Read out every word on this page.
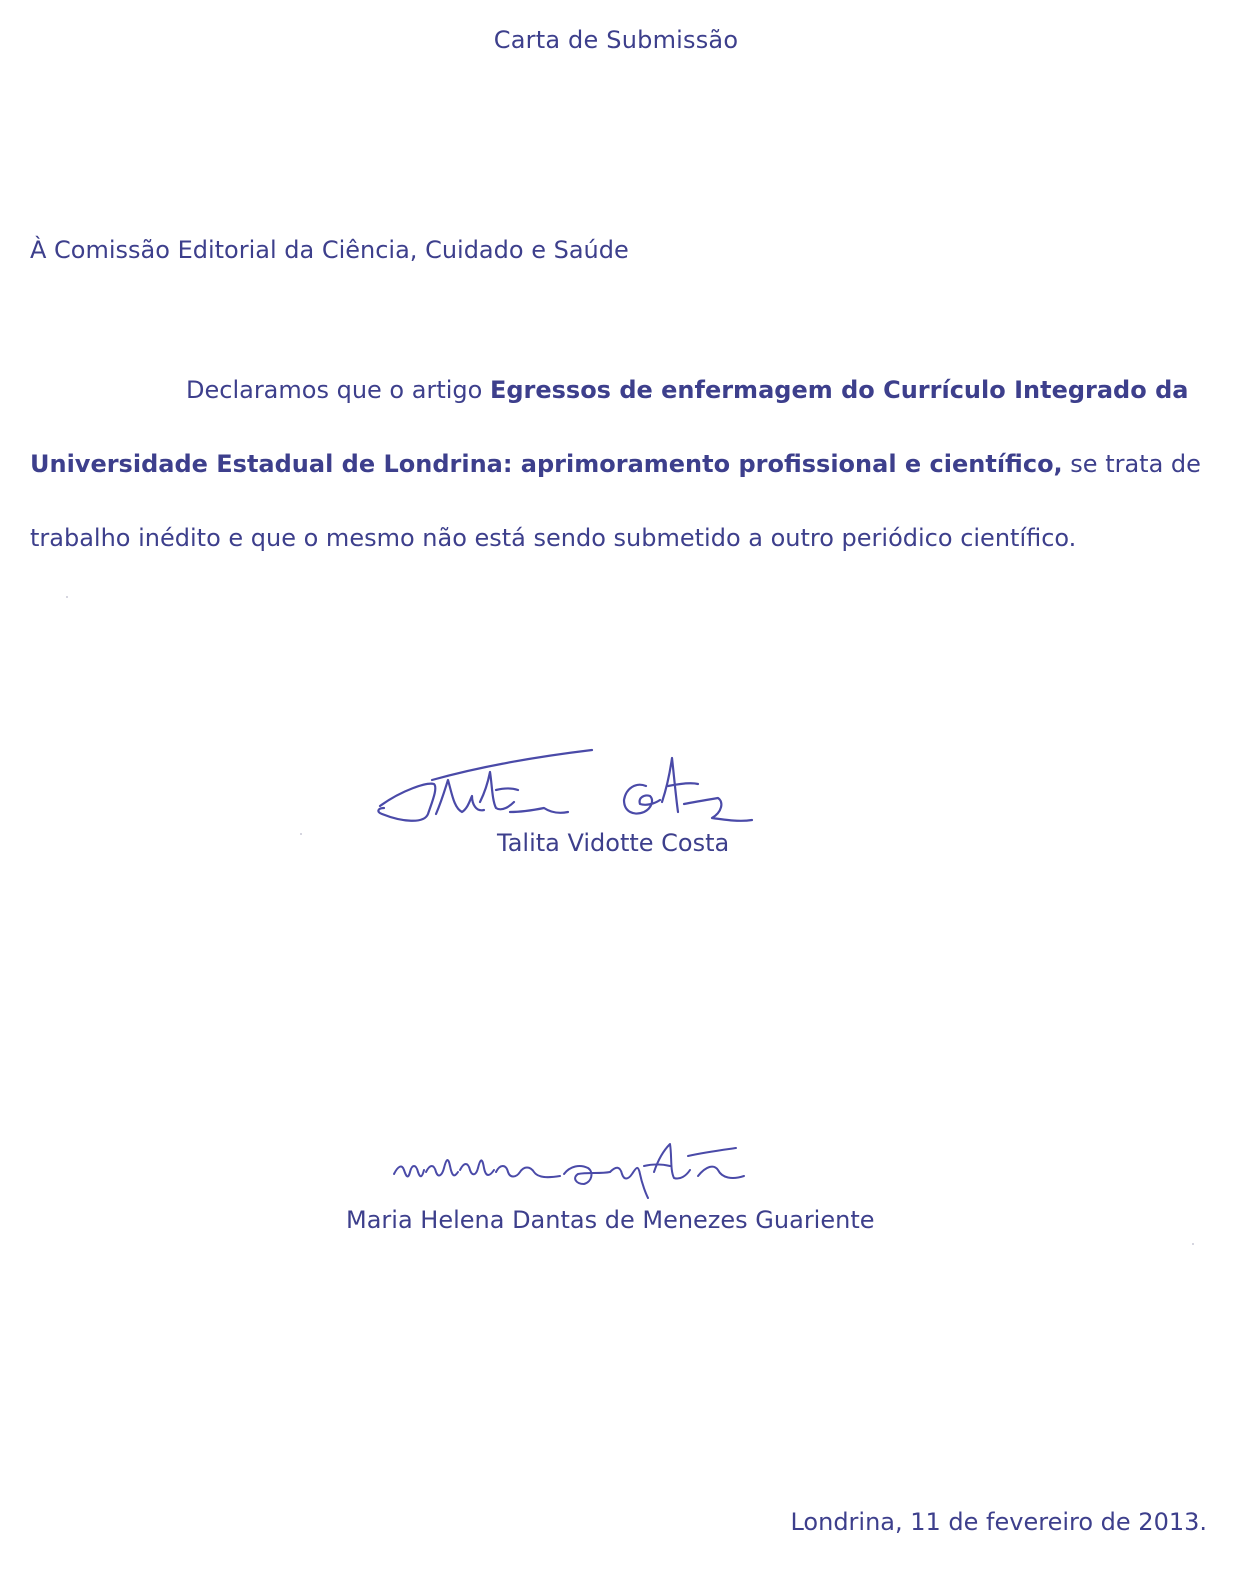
Carta de Submissão
À Comissão Editorial da Ciência, Cuidado e Saúde
Declaramos que o artigo Egressos de enfermagem do Currículo Integrado da
Universidade Estadual de Londrina: aprimoramento profissional e científico, se trata de
trabalho inédito e que o mesmo não está sendo submetido a outro periódico científico.
Talita Vidotte Costa
Maria Helena Dantas de Menezes Guariente
Londrina, 11 de fevereiro de 2013.
